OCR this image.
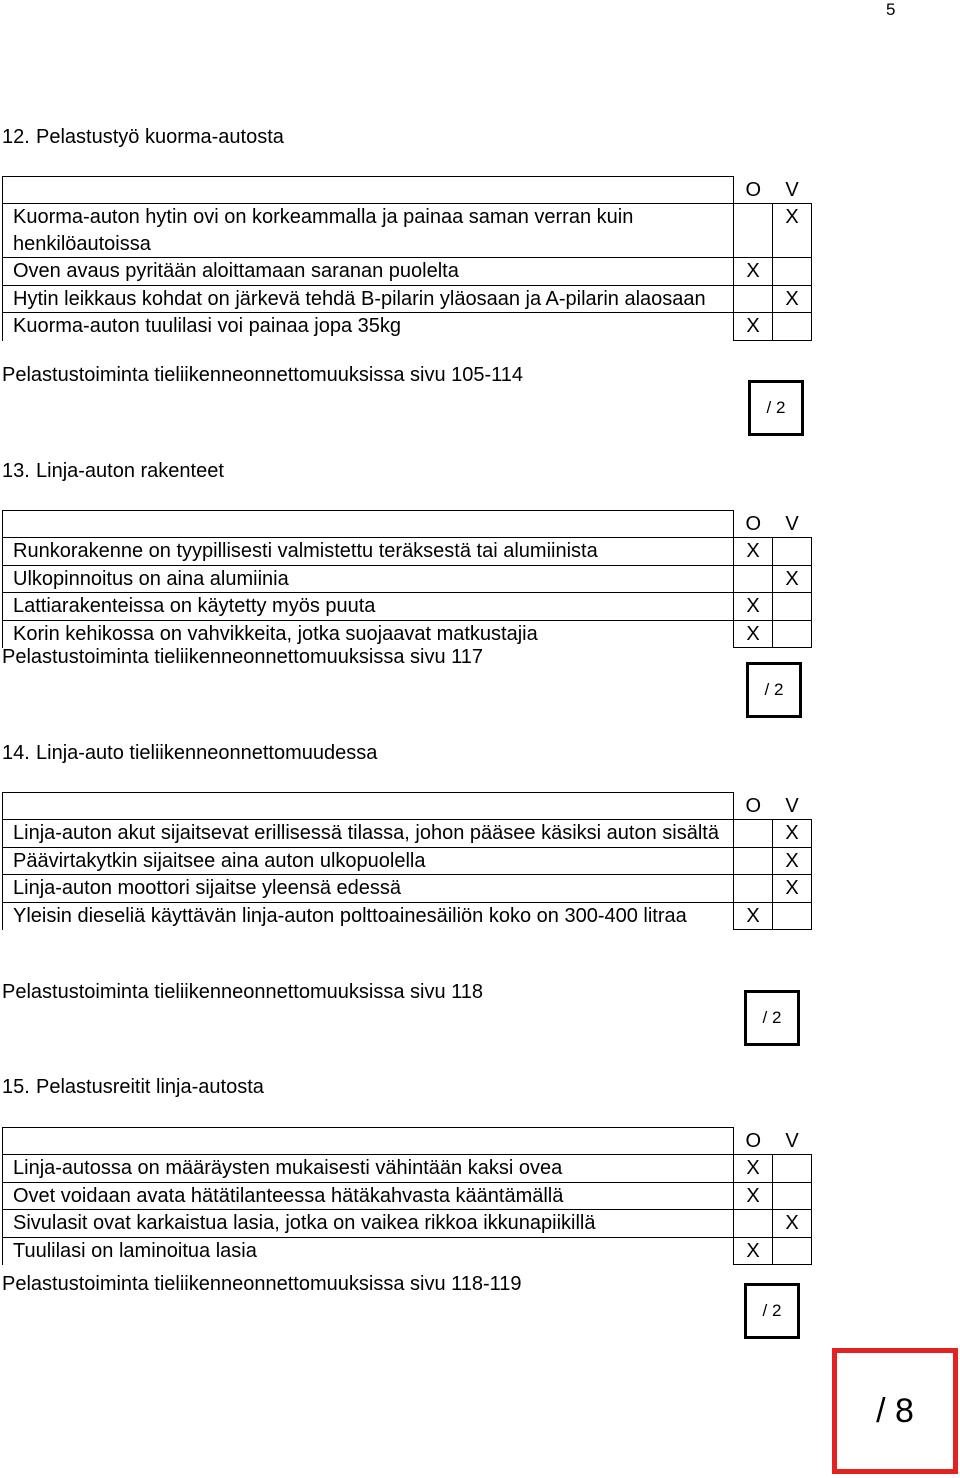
5
12. Pelastustyö kuorma-autosta
	O	V
Kuorma-auton hytin ovi on korkeammalla ja painaa saman verran kuin henkilöautoissa		X
Oven avaus pyritään aloittamaan saranan puolelta	X	
Hytin leikkaus kohdat on järkevä tehdä B-pilarin yläosaan ja A-pilarin alaosaan		X
Kuorma-auton tuulilasi voi painaa jopa 35kg	X	
Pelastustoiminta tieliikenneonnettomuuksissa sivu 105-114
/ 2
13. Linja-auton rakenteet
	O	V
Runkorakenne on tyypillisesti valmistettu teräksestä tai alumiinista	X	
Ulkopinnoitus on aina alumiinia		X
Lattiarakenteissa on käytetty myös puuta	X	
Korin kehikossa on vahvikkeita, jotka suojaavat matkustajia	X	
Pelastustoiminta tieliikenneonnettomuuksissa sivu 117
/ 2
14. Linja-auto tieliikenneonnettomuudessa
	O	V
Linja-auton akut sijaitsevat erillisessä tilassa, johon pääsee käsiksi auton sisältä		X
Päävirtakytkin sijaitsee aina auton ulkopuolella		X
Linja-auton moottori sijaitse yleensä edessä		X
Yleisin dieseliä käyttävän linja-auton polttoainesäiliön koko on 300-400 litraa	X	
Pelastustoiminta tieliikenneonnettomuuksissa sivu 118
/ 2
15. Pelastusreitit linja-autosta
	O	V
Linja-autossa on määräysten mukaisesti vähintään kaksi ovea	X	
Ovet voidaan avata hätätilanteessa hätäkahvasta kääntämällä	X	
Sivulasit ovat karkaistua lasia, jotka on vaikea rikkoa ikkunapiikillä		X
Tuulilasi on laminoitua lasia	X	
Pelastustoiminta tieliikenneonnettomuuksissa sivu 118-119
/ 2
/ 8
